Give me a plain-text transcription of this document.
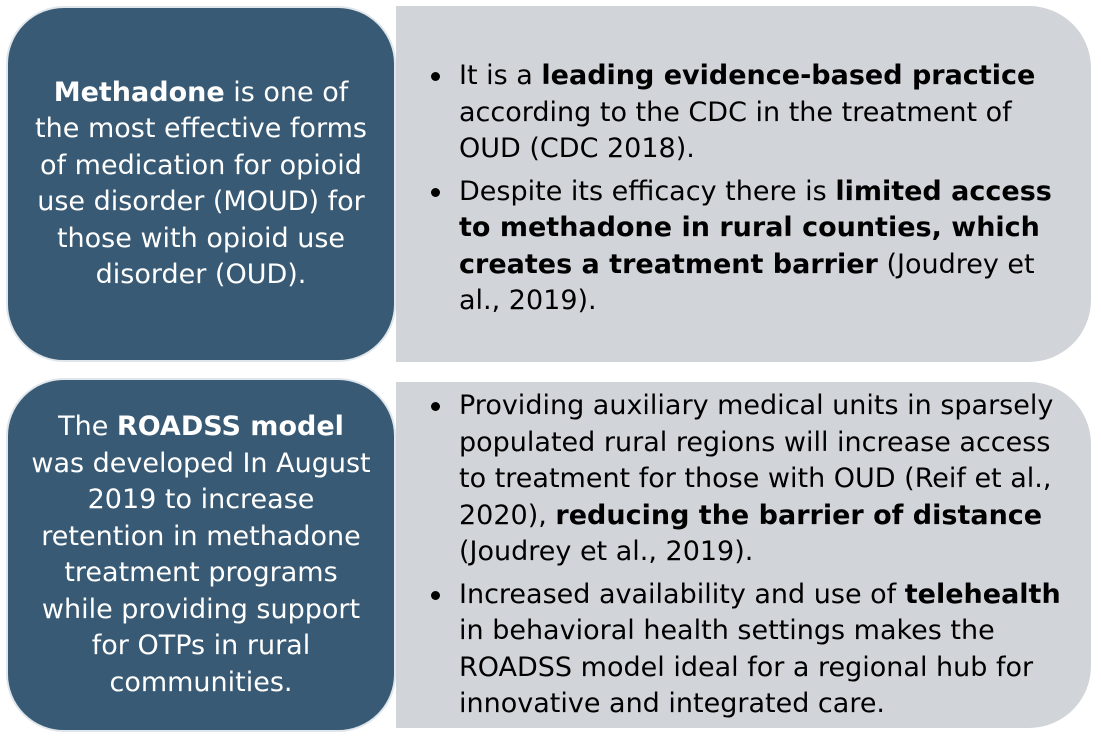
Methadone is one of the most effective forms of medication for opioid use disorder (MOUD) for those with opioid use disorder (OUD).
It is a leading evidence-based practice according to the CDC in the treatment of OUD (CDC 2018).
Despite its efficacy there is limited access to methadone in rural counties, which creates a treatment barrier (Joudrey et al., 2019).
The ROADSS model was developed In August 2019 to increase retention in methadone treatment programs while providing support for OTPs in rural communities.
Providing auxiliary medical units in sparsely populated rural regions will increase access to treatment for those with OUD (Reif et al., 2020), reducing the barrier of distance (Joudrey et al., 2019).
Increased availability and use of telehealth in behavioral health settings makes the ROADSS model ideal for a regional hub for innovative and integrated care.
